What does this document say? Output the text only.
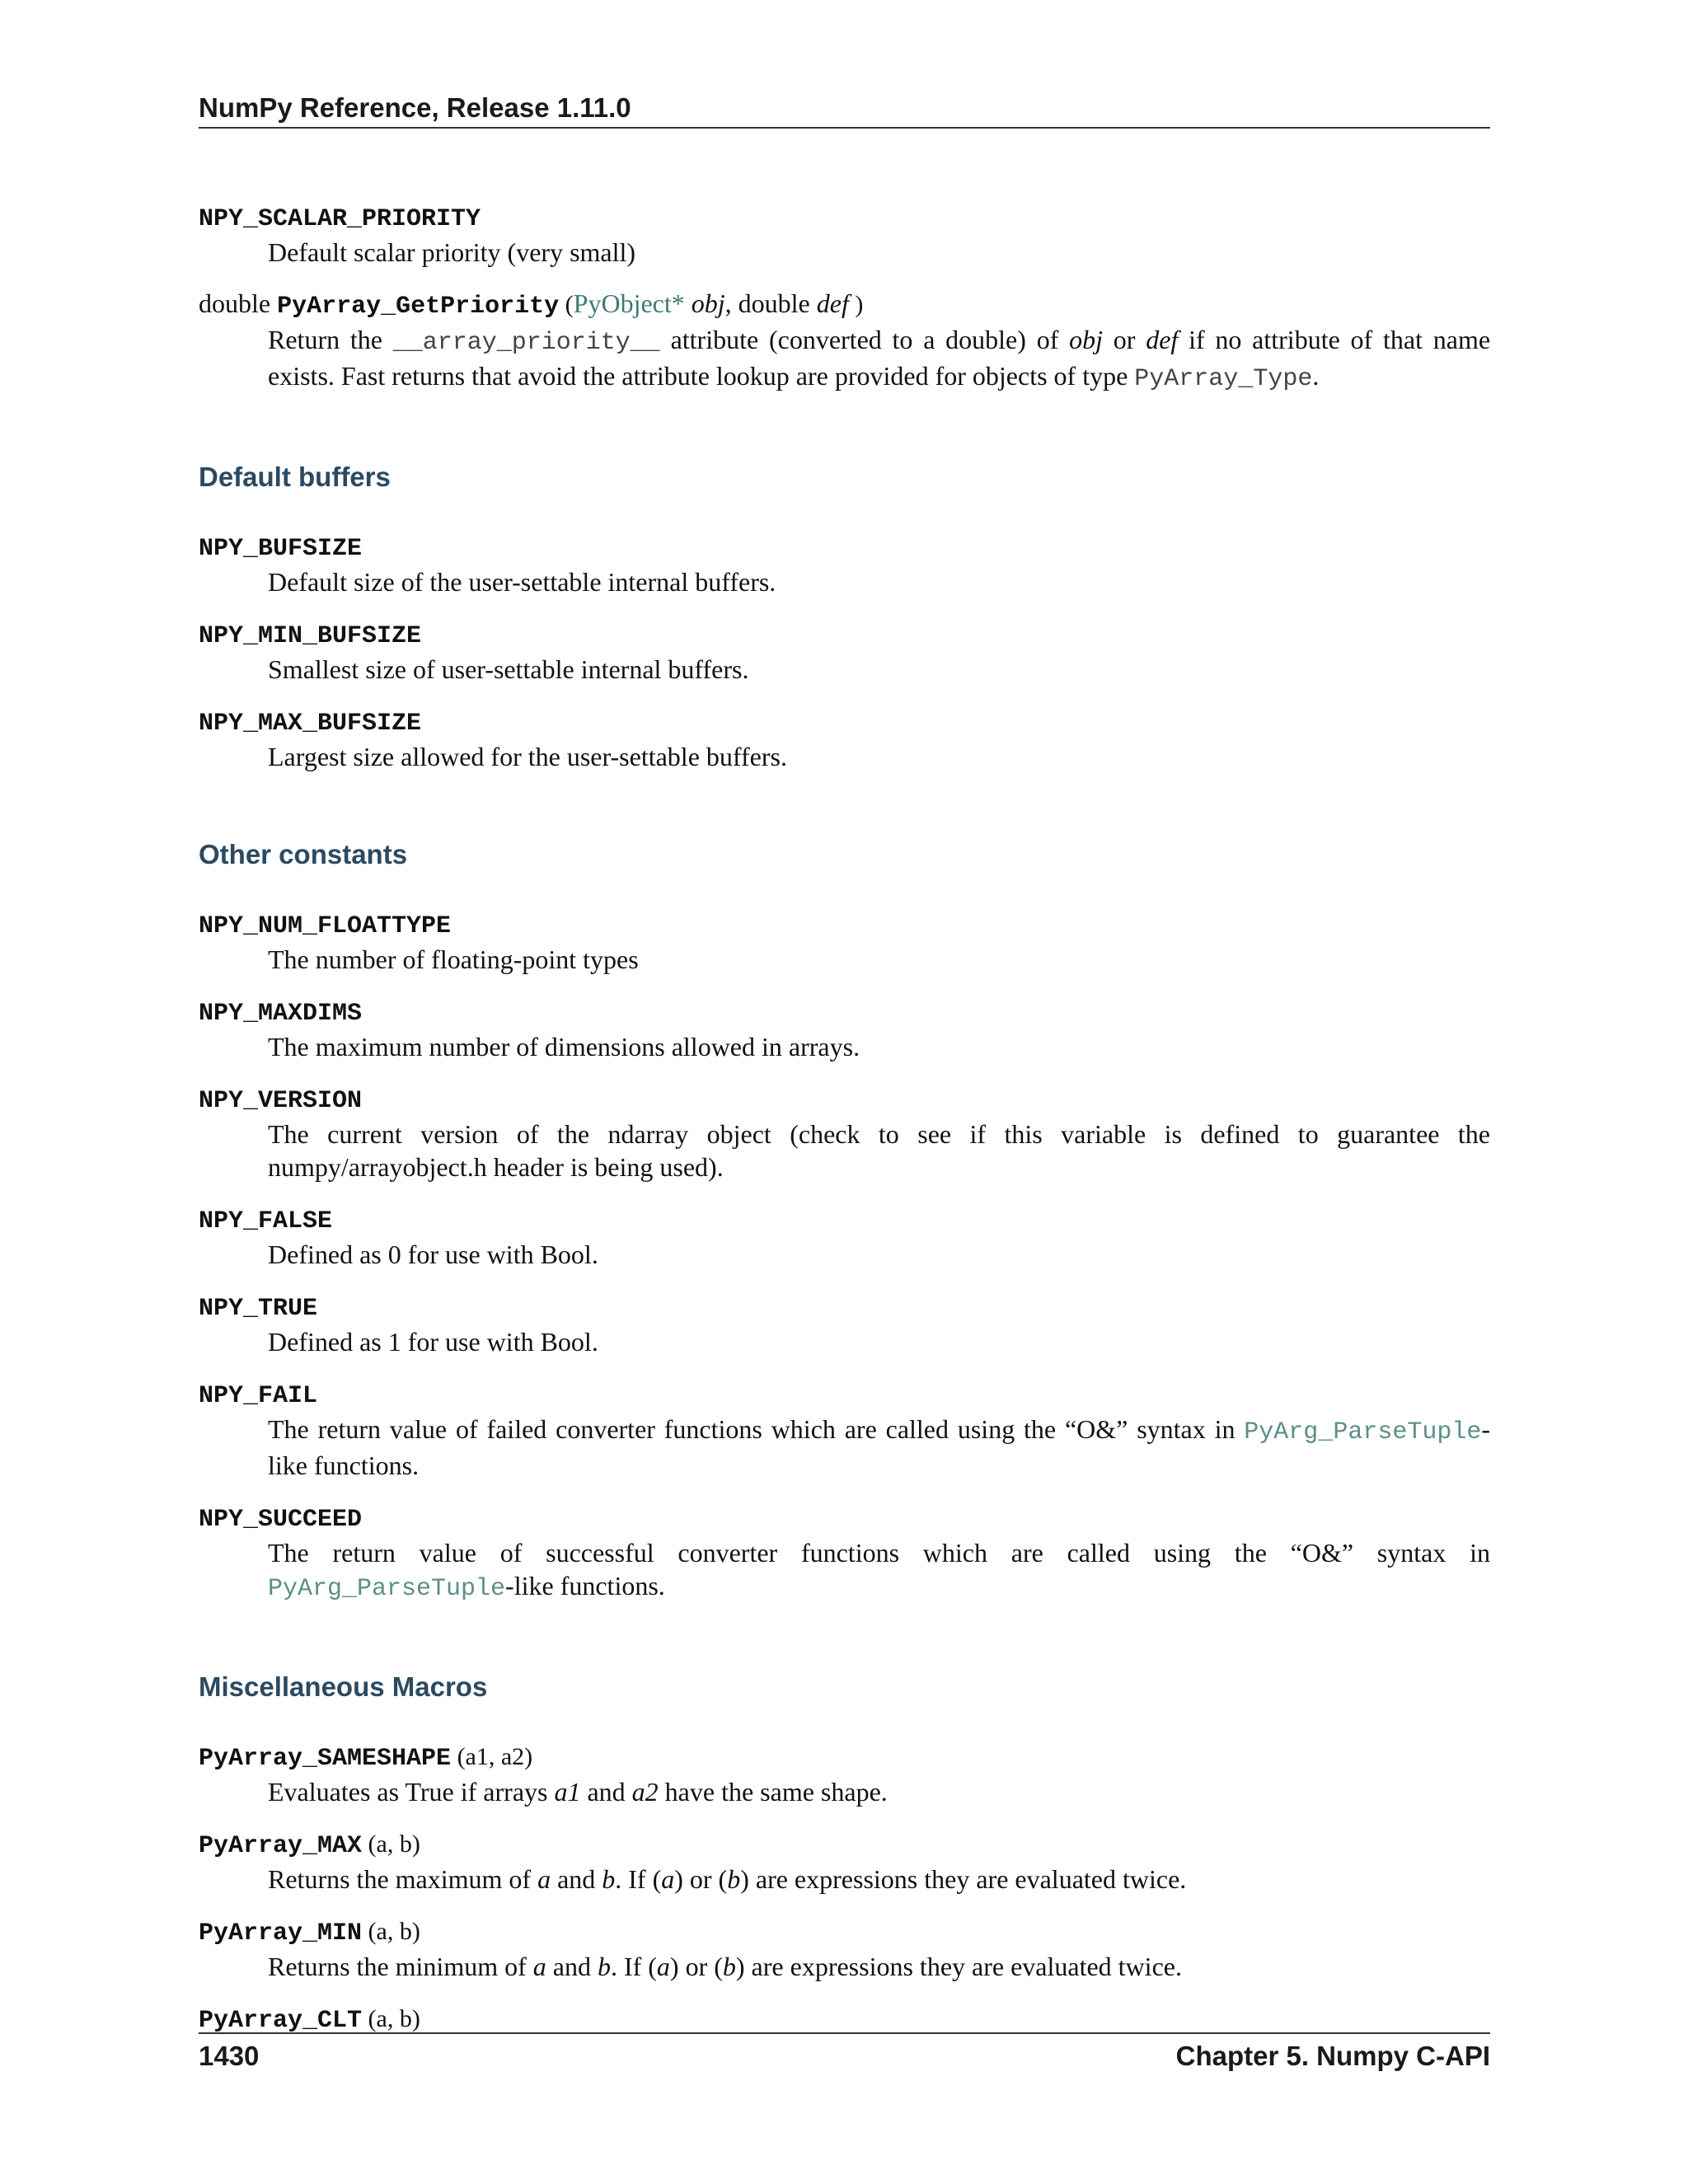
NumPy Reference, Release 1.11.0
NPY_SCALAR_PRIORITY
Default scalar priority (very small)
double PyArray_GetPriority (PyObject* obj, double def )
Return the __array_priority__ attribute (converted to a double) of obj or def if no attribute of that name exists. Fast returns that avoid the attribute lookup are provided for objects of type PyArray_Type.
Default buffers
NPY_BUFSIZE
Default size of the user-settable internal buffers.
NPY_MIN_BUFSIZE
Smallest size of user-settable internal buffers.
NPY_MAX_BUFSIZE
Largest size allowed for the user-settable buffers.
Other constants
NPY_NUM_FLOATTYPE
The number of floating-point types
NPY_MAXDIMS
The maximum number of dimensions allowed in arrays.
NPY_VERSION
The current version of the ndarray object (check to see if this variable is defined to guarantee the numpy/arrayobject.h header is being used).
NPY_FALSE
Defined as 0 for use with Bool.
NPY_TRUE
Defined as 1 for use with Bool.
NPY_FAIL
The return value of failed converter functions which are called using the “O&” syntax in PyArg_ParseTuple-like functions.
NPY_SUCCEED
The return value of successful converter functions which are called using the “O&” syntax in PyArg_ParseTuple-like functions.
Miscellaneous Macros
PyArray_SAMESHAPE (a1, a2)
Evaluates as True if arrays a1 and a2 have the same shape.
PyArray_MAX (a, b)
Returns the maximum of a and b. If (a) or (b) are expressions they are evaluated twice.
PyArray_MIN (a, b)
Returns the minimum of a and b. If (a) or (b) are expressions they are evaluated twice.
PyArray_CLT (a, b)
1430	Chapter 5. Numpy C-API
